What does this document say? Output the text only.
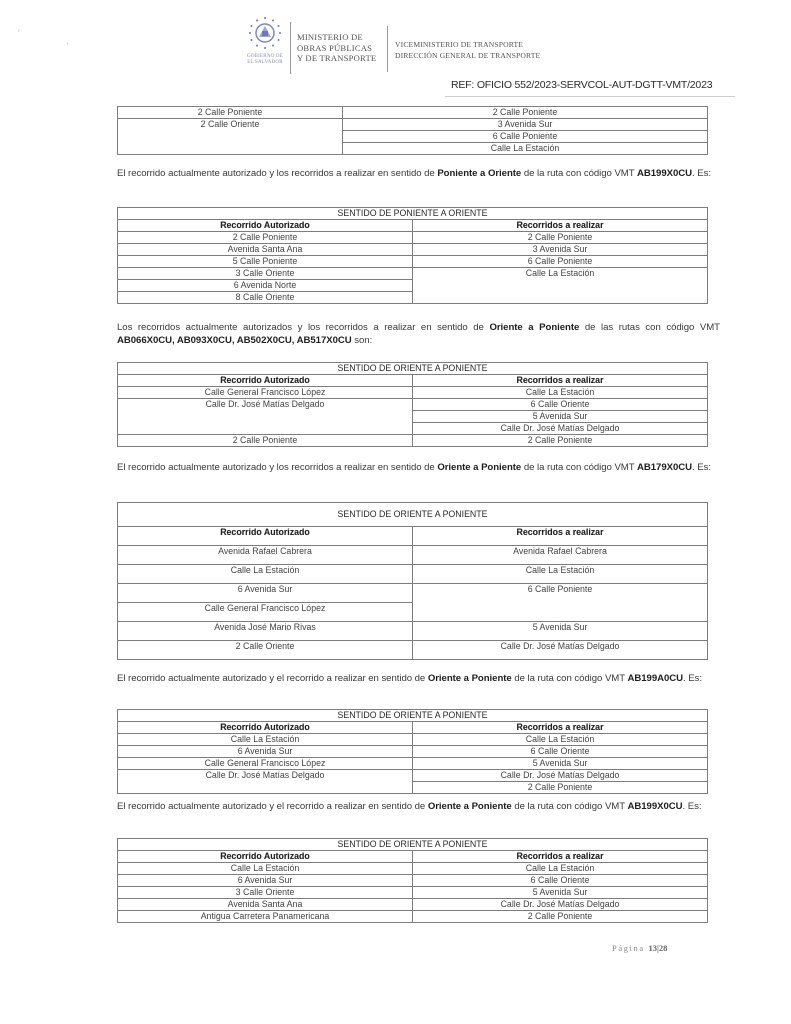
GOBIERNO DE
EL SALVADOR
MINISTERIO DE
OBRAS PÚBLICAS
Y DE TRANSPORTE
VICEMINISTERIO DE TRANSPORTE
DIRECCIÓN GENERAL DE TRANSPORTE
REF: OFICIO 552/2023-SERVCOL-AUT-DGTT-VMT/2023
′
·
2 Calle Poniente	2 Calle Poniente
2 Calle Oriente	3 Avenida Sur
	6 Calle Poniente
	Calle La Estación
El recorrido actualmente autorizado y los recorridos a realizar en sentido de Poniente a Oriente de la ruta con código VMT AB199X0CU. Es:
SENTIDO DE PONIENTE A ORIENTE	
Recorrido Autorizado	Recorridos a realizar
2 Calle Poniente	2 Calle Poniente
Avenida Santa Ana	3 Avenida Sur
5 Calle Poniente	6 Calle Poniente
3 Calle Oriente	Calle La Estación
6 Avenida Norte	
8 Calle Oriente	
Los recorridos actualmente autorizados y los recorridos a realizar en sentido de Oriente a Poniente de las rutas con código VMT AB066X0CU, AB093X0CU, AB502X0CU, AB517X0CU son:
SENTIDO DE ORIENTE A PONIENTE	
Recorrido Autorizado	Recorridos a realizar
Calle General Francisco López	Calle La Estación
Calle Dr. José Matías Delgado	6 Calle Oriente
	5 Avenida Sur
	Calle Dr. José Matías Delgado
2 Calle Poniente	2 Calle Poniente
El recorrido actualmente autorizado y los recorridos a realizar en sentido de Oriente a Poniente de la ruta con código VMT AB179X0CU. Es:
SENTIDO DE ORIENTE A PONIENTE	
Recorrido Autorizado	Recorridos a realizar
Avenida Rafael Cabrera	Avenida Rafael Cabrera
Calle La Estación	Calle La Estación
6 Avenida Sur	6 Calle Poniente
Calle General Francisco López	
Avenida José Mario Rivas	5 Avenida Sur
2 Calle Oriente	Calle Dr. José Matías Delgado
El recorrido actualmente autorizado y el recorrido a realizar en sentido de Oriente a Poniente de la ruta con código VMT AB199A0CU. Es:
SENTIDO DE ORIENTE A PONIENTE	
Recorrido Autorizado	Recorridos a realizar
Calle La Estación	Calle La Estación
6 Avenida Sur	6 Calle Oriente
Calle General Francisco López	5 Avenida Sur
Calle Dr. José Matías Delgado	Calle Dr. José Matías Delgado
	2 Calle Poniente
El recorrido actualmente autorizado y el recorrido a realizar en sentido de Oriente a Poniente de la ruta con código VMT AB199X0CU. Es:
SENTIDO DE ORIENTE A PONIENTE	
Recorrido Autorizado	Recorridos a realizar
Calle La Estación	Calle La Estación
6 Avenida Sur	6 Calle Oriente
3 Calle Oriente	5 Avenida Sur
Avenida Santa Ana	Calle Dr. José Matías Delgado
Antigua Carretera Panamericana	2 Calle Poniente
Página 13|28
